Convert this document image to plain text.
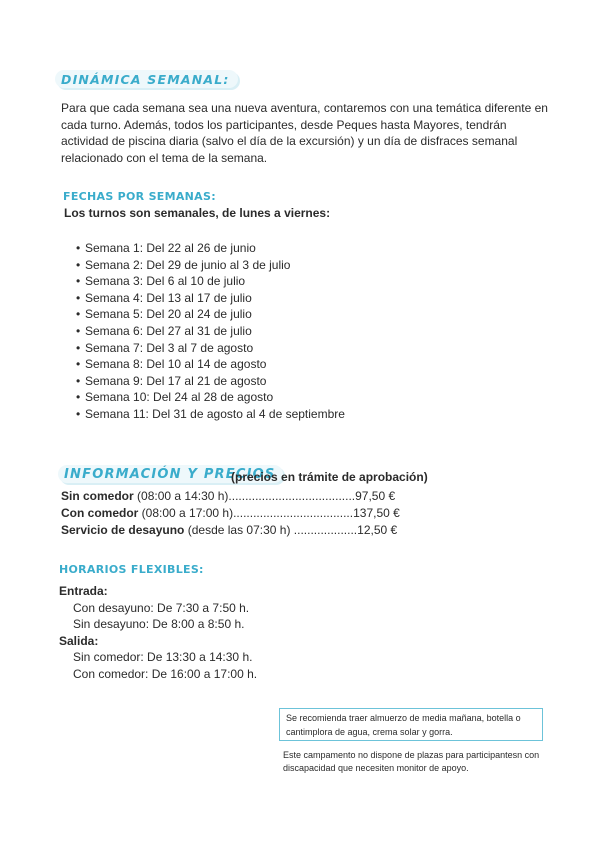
DINÁMICA SEMANAL:
Para que cada semana sea una nueva aventura, contaremos con una temática diferente en cada turno. Además, todos los participantes, desde Peques hasta Mayores, tendrán actividad de piscina diaria (salvo el día de la excursión) y un día de disfraces semanal relacionado con el tema de la semana.
FECHAS POR SEMANAS:
Los turnos son semanales, de lunes a viernes:
• Semana 1: Del 22 al 26 de junio
• Semana 2: Del 29 de junio al 3 de julio
• Semana 3: Del 6 al 10 de julio
• Semana 4: Del 13 al 17 de julio
• Semana 5: Del 20 al 24 de julio
• Semana 6: Del 27 al 31 de julio
• Semana 7: Del 3 al 7 de agosto
• Semana 8: Del 10 al 14 de agosto
• Semana 9: Del 17 al 21 de agosto
• Semana 10: Del 24 al 28 de agosto
• Semana 11: Del 31 de agosto al 4 de septiembre
INFORMACIÓN Y PRECIOS
(precios en trámite de aprobación)
Sin comedor (08:00 a 14:30 h)......................................97,50 €
Con comedor (08:00 a 17:00 h)....................................137,50 €
Servicio de desayuno (desde las 07:30 h) ...................12,50 €
HORARIOS FLEXIBLES:
Entrada:
Con desayuno: De 7:30 a 7:50 h.
Sin desayuno: De 8:00 a 8:50 h.
Salida:
Sin comedor: De 13:30 a 14:30 h.
Con comedor: De 16:00 a 17:00 h.
Se recomienda traer almuerzo de media mañana, botella o cantimplora de agua, crema solar y gorra.
Este campamento no dispone de plazas para participantesn con discapacidad que necesiten monitor de apoyo.
